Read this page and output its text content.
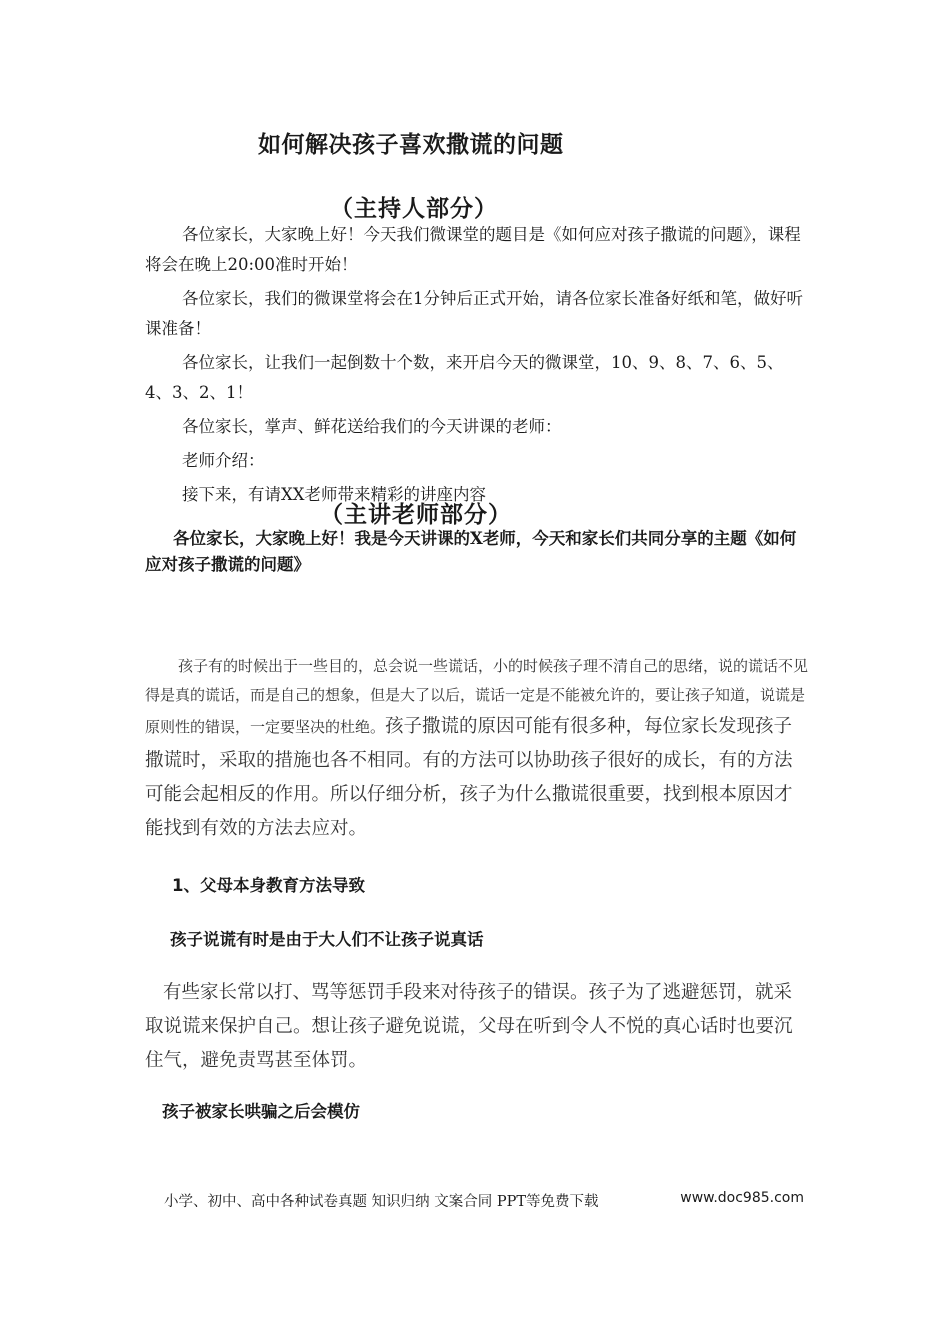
如何解决孩子喜欢撒谎的问题
（主持人部分）

各位家长，大家晚上好！今天我们微课堂的题目是《如何应对孩子撒谎的问题》，课程将会在晚上20:00准时开始！

各位家长，我们的微课堂将会在1分钟后正式开始，请各位家长准备好纸和笔，做好听课准备！

各位家长，让我们一起倒数十个数，来开启今天的微课堂，10、9、8、7、6、5、4、3、2、1！

各位家长，掌声、鲜花送给我们的今天讲课的老师：

老师介绍：

接下来，有请XX老师带来精彩的讲座内容

（主讲老师部分）

各位家长，大家晚上好！我是今天讲课的X老师，今天和家长们共同分享的主题《如何应对孩子撒谎的问题》

孩子有的时候出于一些目的，总会说一些谎话，小的时候孩子理不清自己的思绪，说的谎话不见得是真的谎话，而是自己的想象，但是大了以后，谎话一定是不能被允许的，要让孩子知道，说谎是原则性的错误，一定要坚决的杜绝。孩子撒谎的原因可能有很多种，每位家长发现孩子撒谎时，采取的措施也各不相同。有的方法可以协助孩子很好的成长，有的方法可能会起相反的作用。所以仔细分析，孩子为什么撒谎很重要，找到根本原因才能找到有效的方法去应对。

1、父母本身教育方法导致
孩子说谎有时是由于大人们不让孩子说真话

有些家长常以打、骂等惩罚手段来对待孩子的错误。孩子为了逃避惩罚，就采取说谎来保护自己。想让孩子避免说谎，父母在听到令人不悦的真心话时也要沉住气，避免责骂甚至体罚。

孩子被家长哄骗之后会模仿
小学、初中、高中各种试卷真题 知识归纳 文案合同 PPT等免费下载	www.doc985.com
